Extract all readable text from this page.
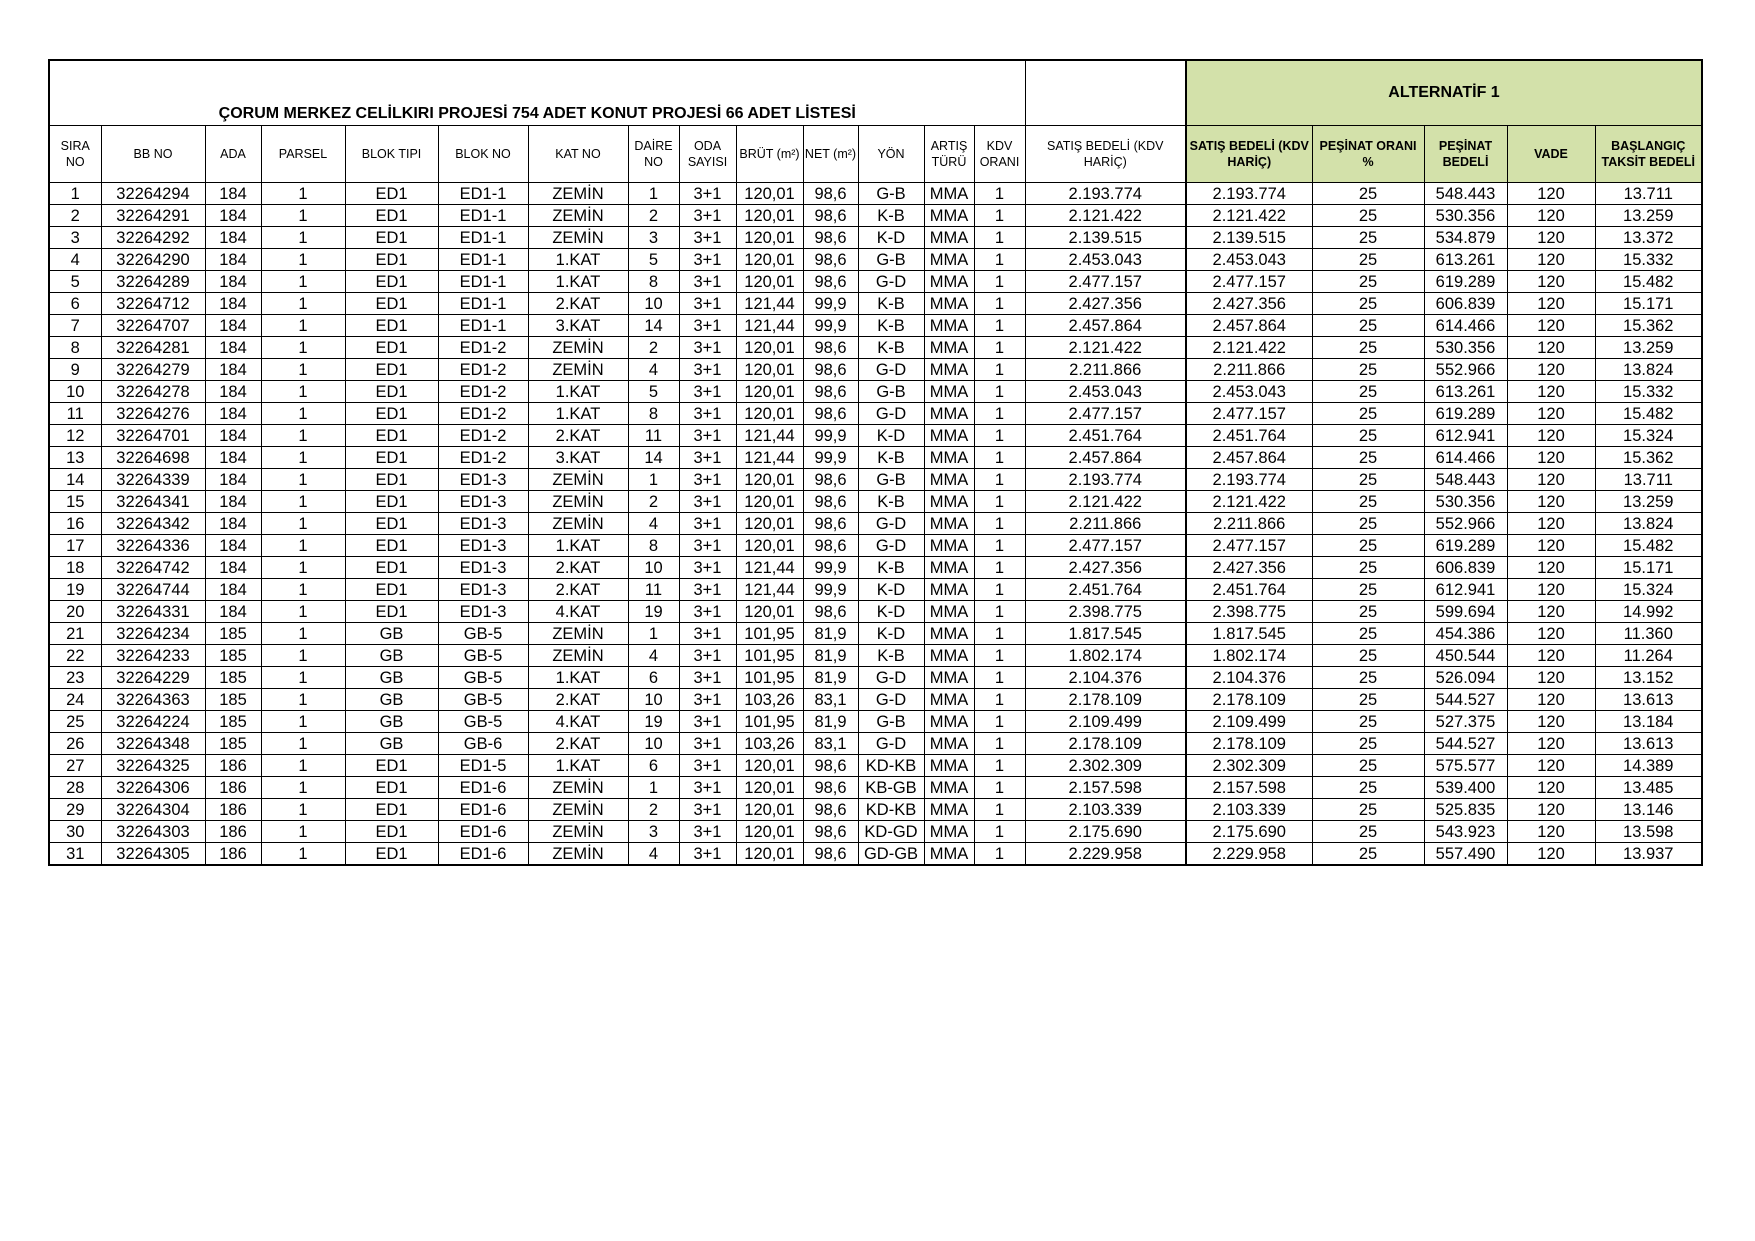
ÇORUM MERKEZ CELİLKIRI PROJESİ 754 ADET KONUT PROJESİ 66 ADET LİSTESİ															ALTERNATİF 1				
SIRA NO	BB NO	ADA	PARSEL	BLOK TIPI	BLOK NO	KAT NO	DAİRE NO	ODA SAYISI	BRÜT (m²)	NET (m²)	YÖN	ARTIŞ TÜRÜ	KDV ORANI	SATIŞ BEDELİ (KDV HARİÇ)	SATIŞ BEDELİ (KDV HARİÇ)	PEŞİNAT ORANI %	PEŞİNAT BEDELİ	VADE	BAŞLANGIÇ TAKSİT BEDELİ
1	32264294	184	1	ED1	ED1-1	ZEMİN	1	3+1	120,01	98,6	G-B	MMA	1	2.193.774	2.193.774	25	548.443	120	13.711
2	32264291	184	1	ED1	ED1-1	ZEMİN	2	3+1	120,01	98,6	K-B	MMA	1	2.121.422	2.121.422	25	530.356	120	13.259
3	32264292	184	1	ED1	ED1-1	ZEMİN	3	3+1	120,01	98,6	K-D	MMA	1	2.139.515	2.139.515	25	534.879	120	13.372
4	32264290	184	1	ED1	ED1-1	1.KAT	5	3+1	120,01	98,6	G-B	MMA	1	2.453.043	2.453.043	25	613.261	120	15.332
5	32264289	184	1	ED1	ED1-1	1.KAT	8	3+1	120,01	98,6	G-D	MMA	1	2.477.157	2.477.157	25	619.289	120	15.482
6	32264712	184	1	ED1	ED1-1	2.KAT	10	3+1	121,44	99,9	K-B	MMA	1	2.427.356	2.427.356	25	606.839	120	15.171
7	32264707	184	1	ED1	ED1-1	3.KAT	14	3+1	121,44	99,9	K-B	MMA	1	2.457.864	2.457.864	25	614.466	120	15.362
8	32264281	184	1	ED1	ED1-2	ZEMİN	2	3+1	120,01	98,6	K-B	MMA	1	2.121.422	2.121.422	25	530.356	120	13.259
9	32264279	184	1	ED1	ED1-2	ZEMİN	4	3+1	120,01	98,6	G-D	MMA	1	2.211.866	2.211.866	25	552.966	120	13.824
10	32264278	184	1	ED1	ED1-2	1.KAT	5	3+1	120,01	98,6	G-B	MMA	1	2.453.043	2.453.043	25	613.261	120	15.332
11	32264276	184	1	ED1	ED1-2	1.KAT	8	3+1	120,01	98,6	G-D	MMA	1	2.477.157	2.477.157	25	619.289	120	15.482
12	32264701	184	1	ED1	ED1-2	2.KAT	11	3+1	121,44	99,9	K-D	MMA	1	2.451.764	2.451.764	25	612.941	120	15.324
13	32264698	184	1	ED1	ED1-2	3.KAT	14	3+1	121,44	99,9	K-B	MMA	1	2.457.864	2.457.864	25	614.466	120	15.362
14	32264339	184	1	ED1	ED1-3	ZEMİN	1	3+1	120,01	98,6	G-B	MMA	1	2.193.774	2.193.774	25	548.443	120	13.711
15	32264341	184	1	ED1	ED1-3	ZEMİN	2	3+1	120,01	98,6	K-B	MMA	1	2.121.422	2.121.422	25	530.356	120	13.259
16	32264342	184	1	ED1	ED1-3	ZEMİN	4	3+1	120,01	98,6	G-D	MMA	1	2.211.866	2.211.866	25	552.966	120	13.824
17	32264336	184	1	ED1	ED1-3	1.KAT	8	3+1	120,01	98,6	G-D	MMA	1	2.477.157	2.477.157	25	619.289	120	15.482
18	32264742	184	1	ED1	ED1-3	2.KAT	10	3+1	121,44	99,9	K-B	MMA	1	2.427.356	2.427.356	25	606.839	120	15.171
19	32264744	184	1	ED1	ED1-3	2.KAT	11	3+1	121,44	99,9	K-D	MMA	1	2.451.764	2.451.764	25	612.941	120	15.324
20	32264331	184	1	ED1	ED1-3	4.KAT	19	3+1	120,01	98,6	K-D	MMA	1	2.398.775	2.398.775	25	599.694	120	14.992
21	32264234	185	1	GB	GB-5	ZEMİN	1	3+1	101,95	81,9	K-D	MMA	1	1.817.545	1.817.545	25	454.386	120	11.360
22	32264233	185	1	GB	GB-5	ZEMİN	4	3+1	101,95	81,9	K-B	MMA	1	1.802.174	1.802.174	25	450.544	120	11.264
23	32264229	185	1	GB	GB-5	1.KAT	6	3+1	101,95	81,9	G-D	MMA	1	2.104.376	2.104.376	25	526.094	120	13.152
24	32264363	185	1	GB	GB-5	2.KAT	10	3+1	103,26	83,1	G-D	MMA	1	2.178.109	2.178.109	25	544.527	120	13.613
25	32264224	185	1	GB	GB-5	4.KAT	19	3+1	101,95	81,9	G-B	MMA	1	2.109.499	2.109.499	25	527.375	120	13.184
26	32264348	185	1	GB	GB-6	2.KAT	10	3+1	103,26	83,1	G-D	MMA	1	2.178.109	2.178.109	25	544.527	120	13.613
27	32264325	186	1	ED1	ED1-5	1.KAT	6	3+1	120,01	98,6	KD-KB	MMA	1	2.302.309	2.302.309	25	575.577	120	14.389
28	32264306	186	1	ED1	ED1-6	ZEMİN	1	3+1	120,01	98,6	KB-GB	MMA	1	2.157.598	2.157.598	25	539.400	120	13.485
29	32264304	186	1	ED1	ED1-6	ZEMİN	2	3+1	120,01	98,6	KD-KB	MMA	1	2.103.339	2.103.339	25	525.835	120	13.146
30	32264303	186	1	ED1	ED1-6	ZEMİN	3	3+1	120,01	98,6	KD-GD	MMA	1	2.175.690	2.175.690	25	543.923	120	13.598
31	32264305	186	1	ED1	ED1-6	ZEMİN	4	3+1	120,01	98,6	GD-GB	MMA	1	2.229.958	2.229.958	25	557.490	120	13.937
